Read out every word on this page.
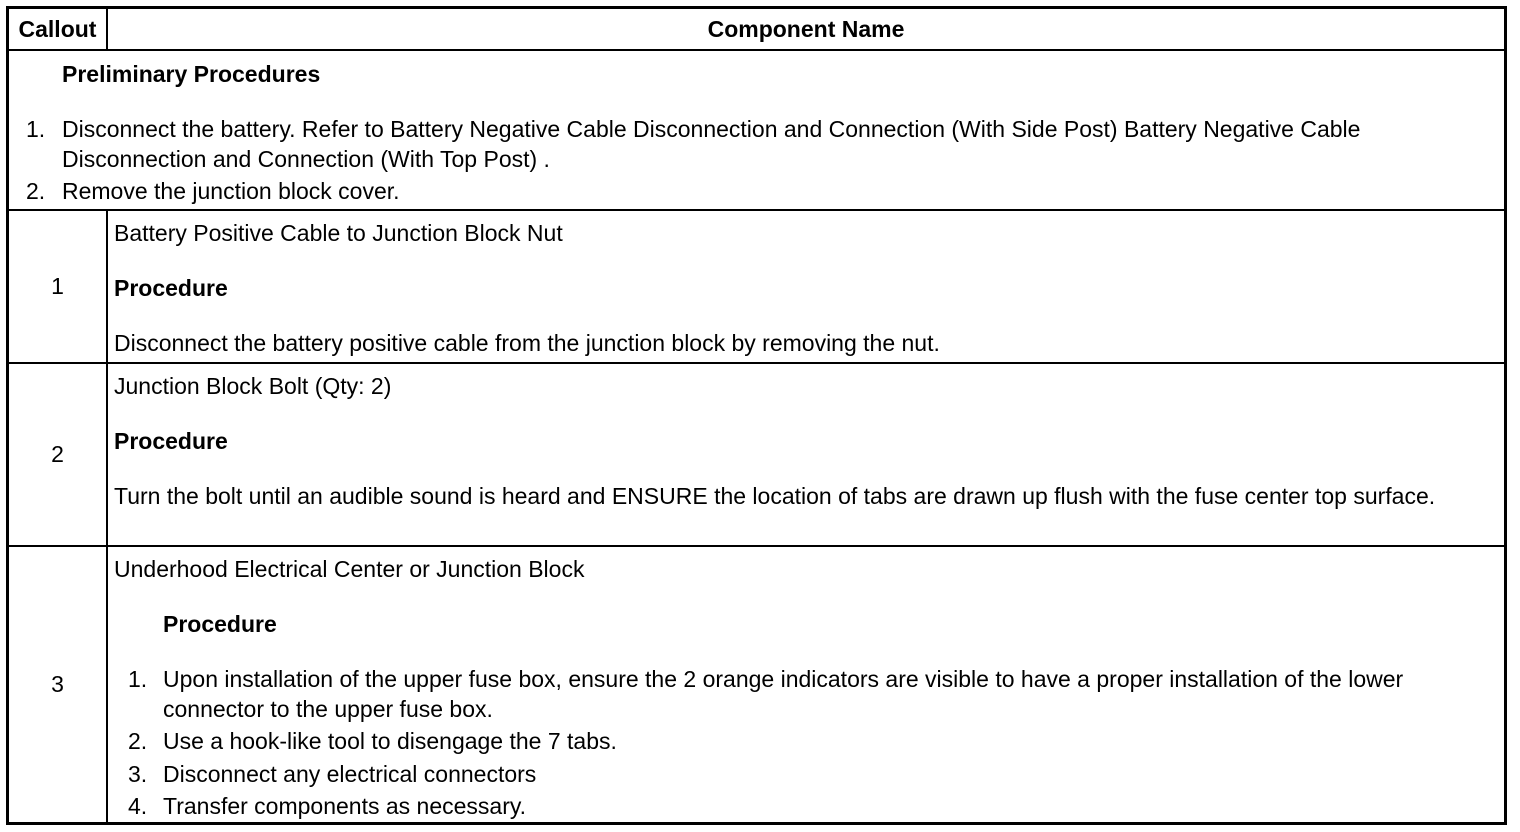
Callout	Component Name
Preliminary Procedures
1. Disconnect the battery. Refer to Battery Negative Cable Disconnection and Connection (With Side Post) Battery Negative Cable Disconnection and Connection (With Top Post) .
2. Remove the junction block cover.
1
Battery Positive Cable to Junction Block Nut
Procedure
Disconnect the battery positive cable from the junction block by removing the nut.
2
Junction Block Bolt (Qty: 2)
Procedure
Turn the bolt until an audible sound is heard and ENSURE the location of tabs are drawn up flush with the fuse center top surface.
3
Underhood Electrical Center or Junction Block
Procedure
1. Upon installation of the upper fuse box, ensure the 2 orange indicators are visible to have a proper installation of the lower connector to the upper fuse box.
2. Use a hook-like tool to disengage the 7 tabs.
3. Disconnect any electrical connectors
4. Transfer components as necessary.
